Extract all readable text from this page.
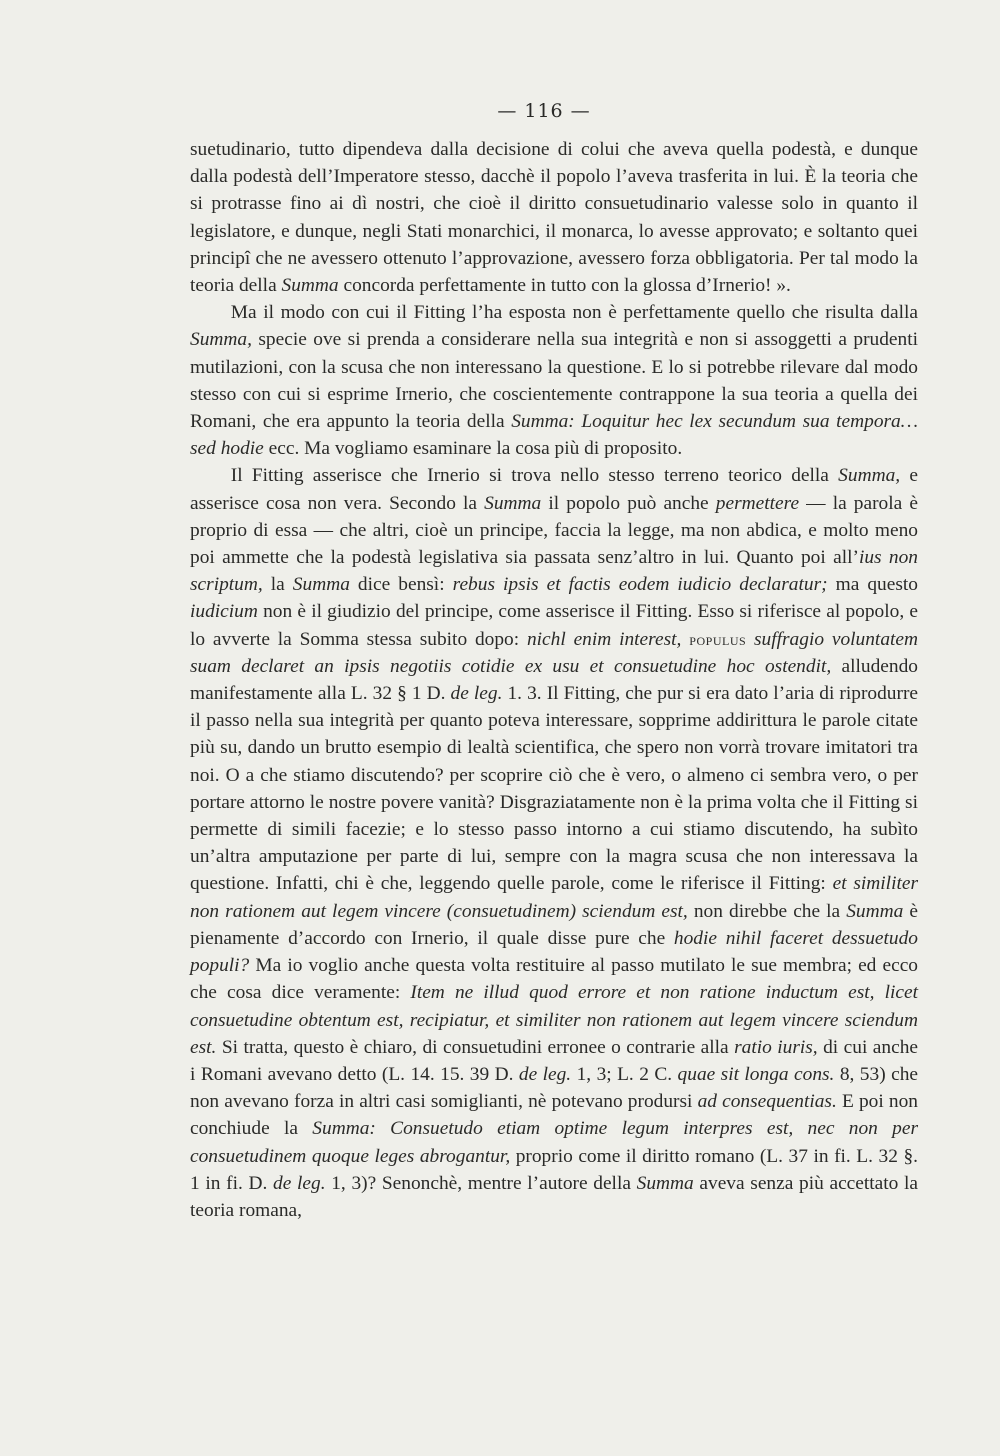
— 116 —

suetudinario, tutto dipendeva dalla decisione di colui che aveva quella podestà, e dunque dalla podestà dell’Imperatore stesso, dacchè il popolo l’aveva trasferita in lui. È la teoria che si protrasse fino ai dì nostri, che cioè il diritto consuetudinario valesse solo in quanto il legislatore, e dunque, negli Stati monarchici, il monarca, lo avesse approvato; e soltanto quei principî che ne avessero ottenuto l’approvazione, avessero forza obbligatoria. Per tal modo la teoria della Summa concorda perfettamente in tutto con la glossa d’Irnerio! ».

Ma il modo con cui il Fitting l’ha esposta non è perfettamente quello che risulta dalla Summa, specie ove si prenda a considerare nella sua integrità e non si assoggetti a prudenti mutilazioni, con la scusa che non interessano la questione. E lo si potrebbe rilevare dal modo stesso con cui si esprime Irnerio, che coscientemente contrappone la sua teoria a quella dei Romani, che era appunto la teoria della Summa: Loquitur hec lex secundum sua tempora… sed hodie ecc. Ma vogliamo esaminare la cosa più di proposito.

Il Fitting asserisce che Irnerio si trova nello stesso terreno teorico della Summa, e asserisce cosa non vera. Secondo la Summa il popolo può anche permettere — la parola è proprio di essa — che altri, cioè un principe, faccia la legge, ma non abdica, e molto meno poi ammette che la podestà legislativa sia passata senz’altro in lui. Quanto poi all’ius non scriptum, la Summa dice bensì: rebus ipsis et factis eodem iudicio declaratur; ma questo iudicium non è il giudizio del principe, come asserisce il Fitting. Esso si riferisce al popolo, e lo avverte la Somma stessa subito dopo: nichl enim interest, populus suffragio voluntatem suam declaret an ipsis negotiis cotidie ex usu et consuetudine hoc ostendit, alludendo manifestamente alla L. 32 § 1 D. de leg. 1. 3. Il Fitting, che pur si era dato l’aria di riprodurre il passo nella sua integrità per quanto poteva interessare, sopprime addirittura le parole citate più su, dando un brutto esempio di lealtà scientifica, che spero non vorrà trovare imitatori tra noi. O a che stiamo discutendo? per scoprire ciò che è vero, o almeno ci sembra vero, o per portare attorno le nostre povere vanità? Disgraziatamente non è la prima volta che il Fitting si permette di simili facezie; e lo stesso passo intorno a cui stiamo discutendo, ha subìto un’altra amputazione per parte di lui, sempre con la magra scusa che non interessava la questione. Infatti, chi è che, leggendo quelle parole, come le riferisce il Fitting: et similiter non rationem aut legem vincere (consuetudinem) sciendum est, non direbbe che la Summa è pienamente d’accordo con Irnerio, il quale disse pure che hodie nihil faceret dessuetudo populi? Ma io voglio anche questa volta restituire al passo mutilato le sue membra; ed ecco che cosa dice veramente: Item ne illud quod errore et non ratione inductum est, licet consuetudine obtentum est, recipiatur, et similiter non rationem aut legem vincere sciendum est. Si tratta, questo è chiaro, di consuetudini erronee o contrarie alla ratio iuris, di cui anche i Romani avevano detto (L. 14. 15. 39 D. de leg. 1, 3; L. 2 C. quae sit longa cons. 8, 53) che non avevano forza in altri casi somiglianti, nè potevano prodursi ad consequentias. E poi non conchiude la Summa: Consuetudo etiam optime legum interpres est, nec non per consuetudinem quoque leges abrogantur, proprio come il diritto romano (L. 37 in fi. L. 32 §. 1 in fi. D. de leg. 1, 3)? Senonchè, mentre l’autore della Summa aveva senza più accettato la teoria romana,
